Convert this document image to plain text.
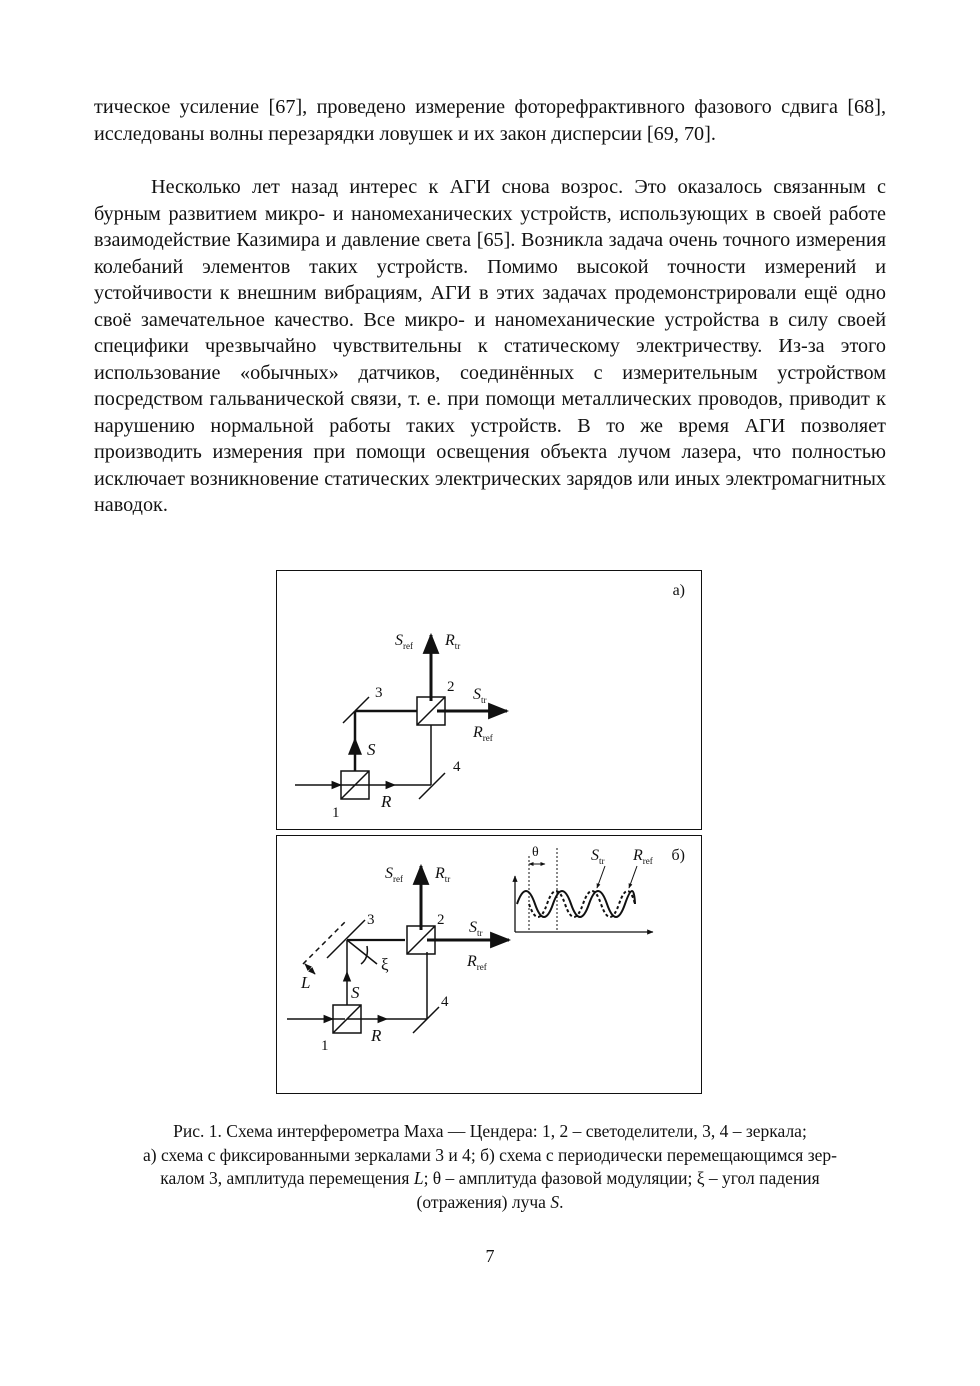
тическое усиление [67], проведено измерение фоторефрактивного фазового сдвига [68], исследованы волны перезарядки ловушек и их закон дисперсии [69, 70].

Несколько лет назад интерес к АГИ снова возрос. Это оказалось связанным с бурным развитием микро- и наномеханических устройств, использующих в своей работе взаимодействие Казимира и давление света [65]. Возникла задача очень точного измерения колебаний элементов таких устройств. Помимо высокой точности измерений и устойчивости к внешним вибрациям, АГИ в этих задачах продемонстрировали ещё одно своё замечательное качество. Все микро- и наномеханические устройства в силу своей специфики чрезвычайно чувствительны к статическому электричеству. Из-за этого использование «обычных» датчиков, соединённых с измерительным устройством посредством гальванической связи, т. е. при помощи металлических проводов, приводит к нарушению нормальной работы таких устройств. В то же время АГИ позволяет производить измерения при помощи освещения объекта лучом лазера, что полностью исключает возникновение статических электрических зарядов или иных электромагнитных наводок.

а)
1
2
3
4
S
R
$S_{ref}$ $R_{tr}$
$S_{tr}$
$R_{ref}$
б)
1
2
3
4
S
R
L
ξ
θ
$S_{ref}$ $R_{tr}$
$S_{tr}$
$R_{ref}$
$S_{tr}$ $R_{ref}$

Рис. 1. Схема интерферометра Маха — Цендера: 1, 2 – светоделители, 3, 4 – зеркала;

а) схема с фиксированными зеркалами 3 и 4; б) схема с периодически перемещающимся зер-

калом 3, амплитуда перемещения L; θ – амплитуда фазовой модуляции; ξ – угол падения

(отражения) луча S.

7
